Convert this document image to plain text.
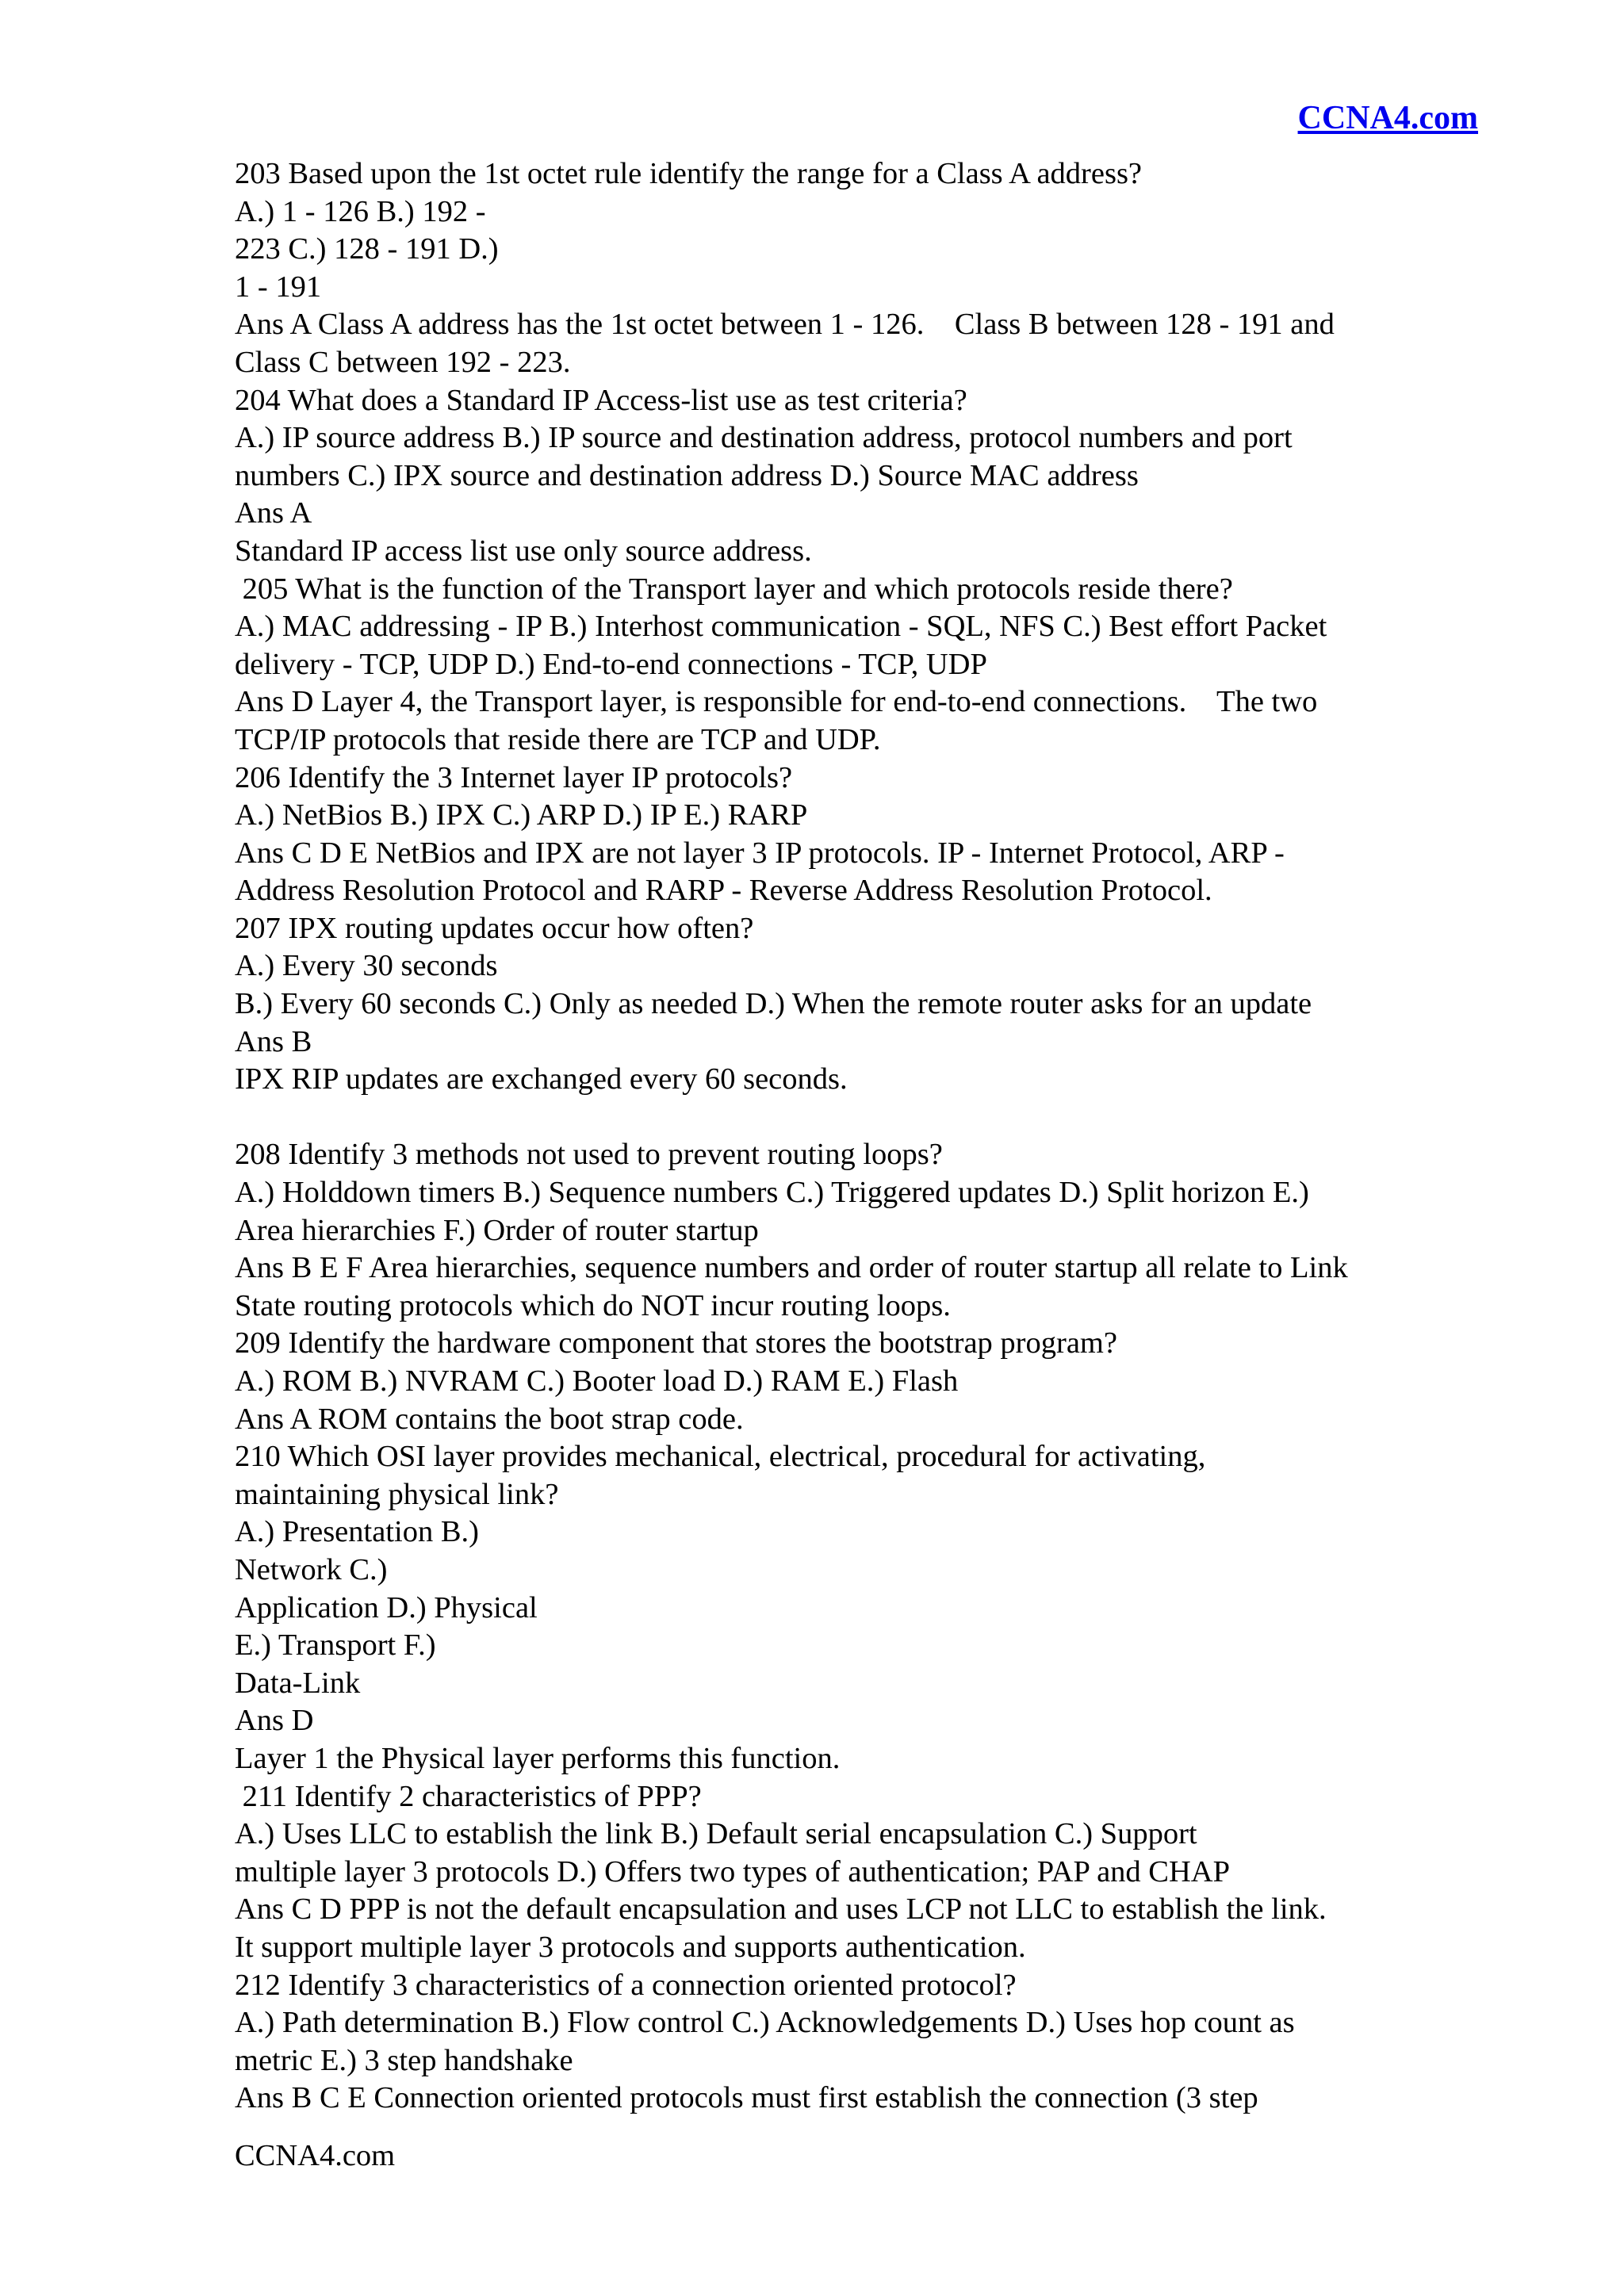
CCNA4.com
203 Based upon the 1st octet rule identify the range for a Class A address?
A.) 1 - 126 B.) 192 -
223 C.) 128 - 191 D.)
1 - 191
Ans A Class A address has the 1st octet between 1 - 126.    Class B between 128 - 191 and
Class C between 192 - 223.
204 What does a Standard IP Access-list use as test criteria?
A.) IP source address B.) IP source and destination address, protocol numbers and port
numbers C.) IPX source and destination address D.) Source MAC address
Ans A
Standard IP access list use only source address.
205 What is the function of the Transport layer and which protocols reside there?
A.) MAC addressing - IP B.) Interhost communication - SQL, NFS C.) Best effort Packet
delivery - TCP, UDP D.) End-to-end connections - TCP, UDP
Ans D Layer 4, the Transport layer, is responsible for end-to-end connections.    The two
TCP/IP protocols that reside there are TCP and UDP.
206 Identify the 3 Internet layer IP protocols?
A.) NetBios B.) IPX C.) ARP D.) IP E.) RARP
Ans C D E NetBios and IPX are not layer 3 IP protocols. IP - Internet Protocol, ARP -
Address Resolution Protocol and RARP - Reverse Address Resolution Protocol.
207 IPX routing updates occur how often?
A.) Every 30 seconds
B.) Every 60 seconds C.) Only as needed D.) When the remote router asks for an update
Ans B
IPX RIP updates are exchanged every 60 seconds.
208 Identify 3 methods not used to prevent routing loops?
A.) Holddown timers B.) Sequence numbers C.) Triggered updates D.) Split horizon E.)
Area hierarchies F.) Order of router startup
Ans B E F Area hierarchies, sequence numbers and order of router startup all relate to Link
State routing protocols which do NOT incur routing loops.
209 Identify the hardware component that stores the bootstrap program?
A.) ROM B.) NVRAM C.) Booter load D.) RAM E.) Flash
Ans A ROM contains the boot strap code.
210 Which OSI layer provides mechanical, electrical, procedural for activating,
maintaining physical link?
A.) Presentation B.)
Network C.)
Application D.) Physical
E.) Transport F.)
Data-Link
Ans D
Layer 1 the Physical layer performs this function.
211 Identify 2 characteristics of PPP?
A.) Uses LLC to establish the link B.) Default serial encapsulation C.) Support
multiple layer 3 protocols D.) Offers two types of authentication; PAP and CHAP
Ans C D PPP is not the default encapsulation and uses LCP not LLC to establish the link.
It support multiple layer 3 protocols and supports authentication.
212 Identify 3 characteristics of a connection oriented protocol?
A.) Path determination B.) Flow control C.) Acknowledgements D.) Uses hop count as
metric E.) 3 step handshake
Ans B C E Connection oriented protocols must first establish the connection (3 step
CCNA4.com
